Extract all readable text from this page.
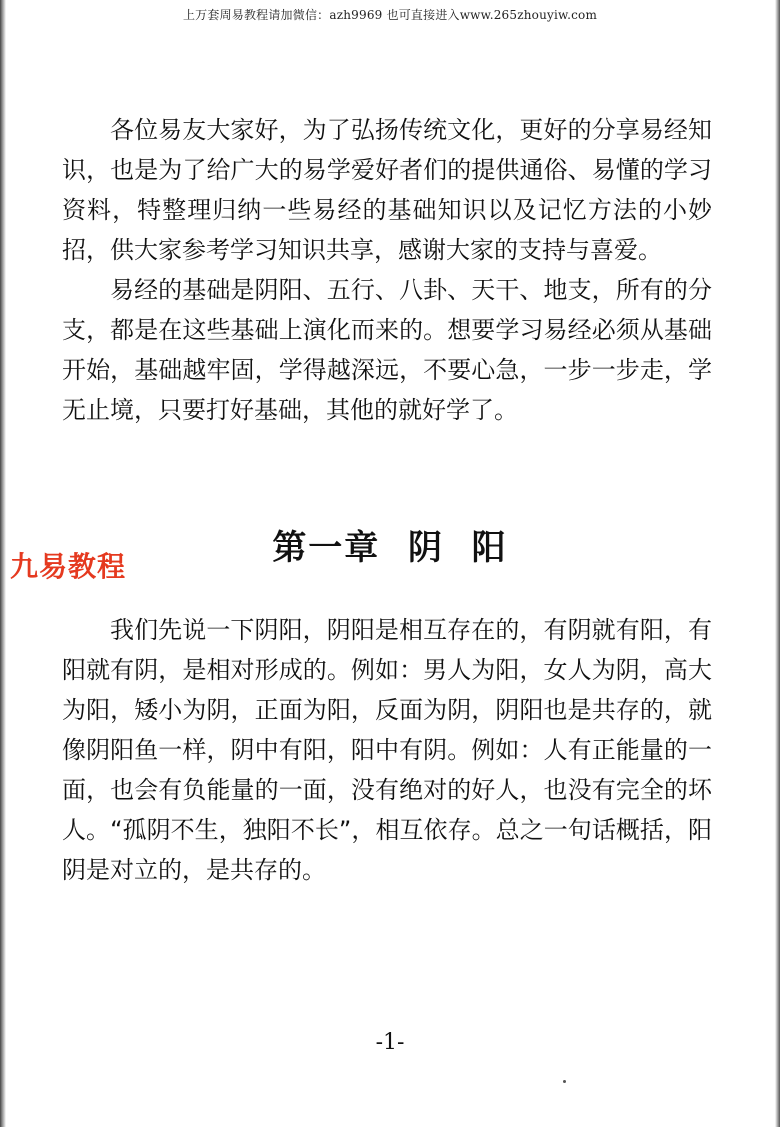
上万套周易教程请加微信：azh9969 也可直接进入www.265zhouyiw.com

各位易友大家好，为了弘扬传统文化，更好的分享易经知识，也是为了给广大的易学爱好者们的提供通俗、易懂的学习资料，特整理归纳一些易经的基础知识以及记忆方法的小妙招，供大家参考学习知识共享，感谢大家的支持与喜爱。

易经的基础是阴阳、五行、八卦、天干、地支，所有的分支，都是在这些基础上演化而来的。想要学习易经必须从基础开始，基础越牢固，学得越深远，不要心急，一步一步走，学无止境，只要打好基础，其他的就好学了。

九易教程	第一章  阴  阳

我们先说一下阴阳，阴阳是相互存在的，有阴就有阳，有阳就有阴，是相对形成的。例如：男人为阳，女人为阴，高大为阳，矮小为阴，正面为阳，反面为阴，阴阳也是共存的，就像阴阳鱼一样，阴中有阳，阳中有阴。例如：人有正能量的一面，也会有负能量的一面，没有绝对的好人，也没有完全的坏人。“孤阴不生，独阳不长”，相互依存。总之一句话概括，阳阴是对立的，是共存的。

-1-
